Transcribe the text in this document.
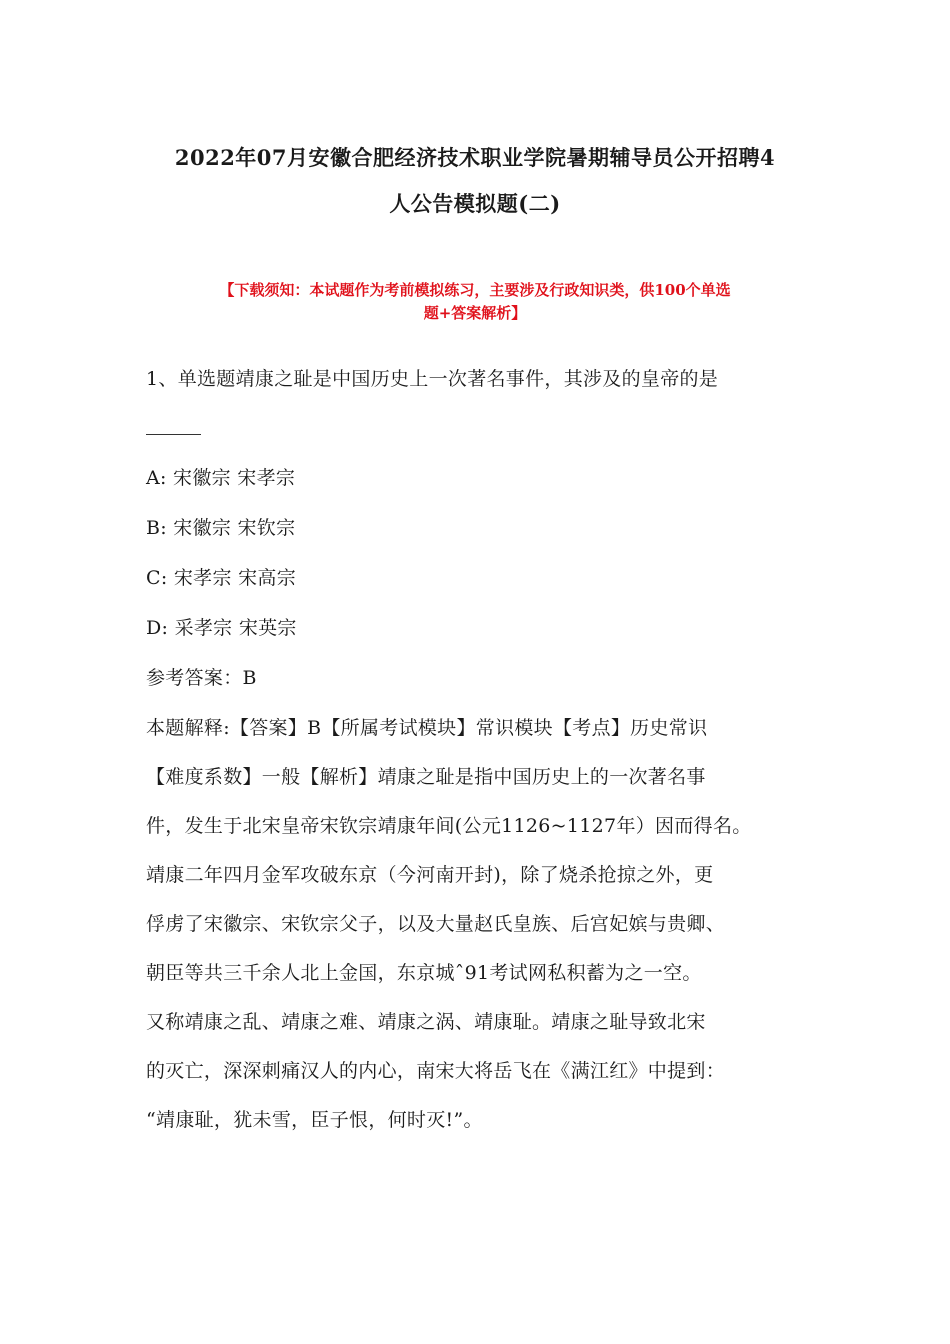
2022年07月安徽合肥经济技术职业学院暑期辅导员公开招聘4

人公告模拟题(二)

【下载须知：本试题作为考前模拟练习，主要涉及行政知识类，供100个单选

题+答案解析】

1、单选题靖康之耻是中国历史上一次著名事件，其涉及的皇帝的是

A: 宋徽宗 宋孝宗

B: 宋徽宗 宋钦宗

C: 宋孝宗 宋高宗

D: 采孝宗 宋英宗

参考答案：B

本题解释:【答案】B【所属考试模块】常识模块【考点】历史常识

【难度系数】一般【解析】靖康之耻是指中国历史上的一次著名事

件，发生于北宋皇帝宋钦宗靖康年间(公元1126~1127年）因而得名。

靖康二年四月金军攻破东京（今河南开封)，除了烧杀抢掠之外，更

俘虏了宋徽宗、宋钦宗父子，以及大量赵氏皇族、后宫妃嫔与贵卿、

朝臣等共三千余人北上金国，东京城ˆ91考试网私积蓄为之一空。

又称靖康之乱、靖康之难、靖康之涡、靖康耻。靖康之耻导致北宋

的灭亡，深深刺痛汉人的内心，南宋大将岳飞在《满江红》中提到：

“靖康耻，犹未雪，臣子恨，何时灭!”。
